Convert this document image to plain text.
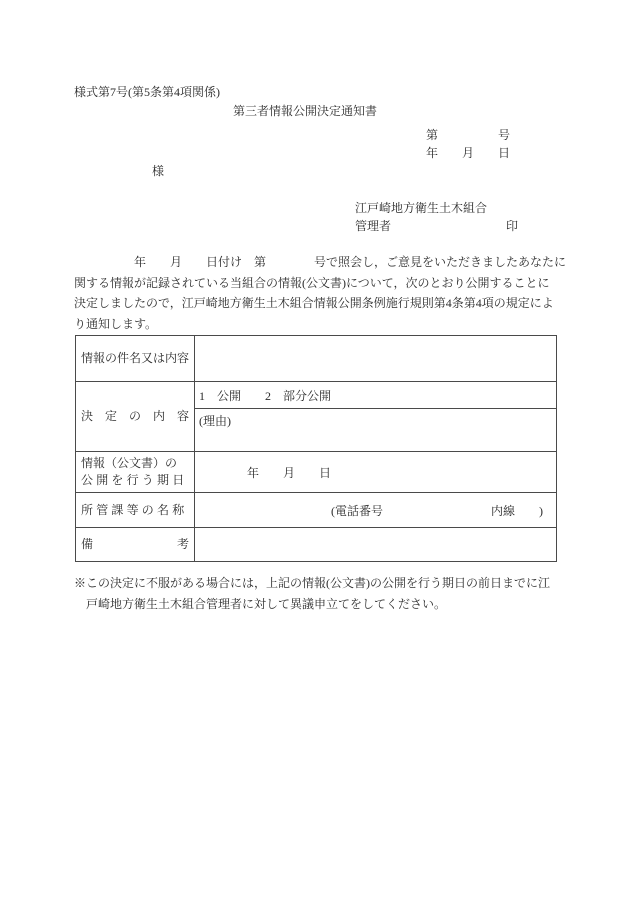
様式第7号(第5条第4項関係)
第三者情報公開決定通知書
第　　　　　号
年　　月　　日
様
江戸崎地方衛生土木組合
管理者	印
　　　　　年　　月　　日付け　第　　　　号で照会し，ご意見をいただきましたあなたに
関する情報が記録されている当組合の情報(公文書)について，次のとおり公開することに
決定しましたので，江戸崎地方衛生土木組合情報公開条例施行規則第4条第4項の規定によ
り通知します。
情報の件名又は内容	

決　定　の　内　容	1　公開　　2　部分公開
	(理由)

情報（公文書）の
公開を行う期日	　　　　年　　月　　日

所管課等の名称	　　　　　　　　　　　(電話番号　　　　　　　　　内線　　)

備　　　　　　　考	

※この決定に不服がある場合には，上記の情報(公文書)の公開を行う期日の前日までに江
　戸崎地方衛生土木組合管理者に対して異議申立てをしてください。
